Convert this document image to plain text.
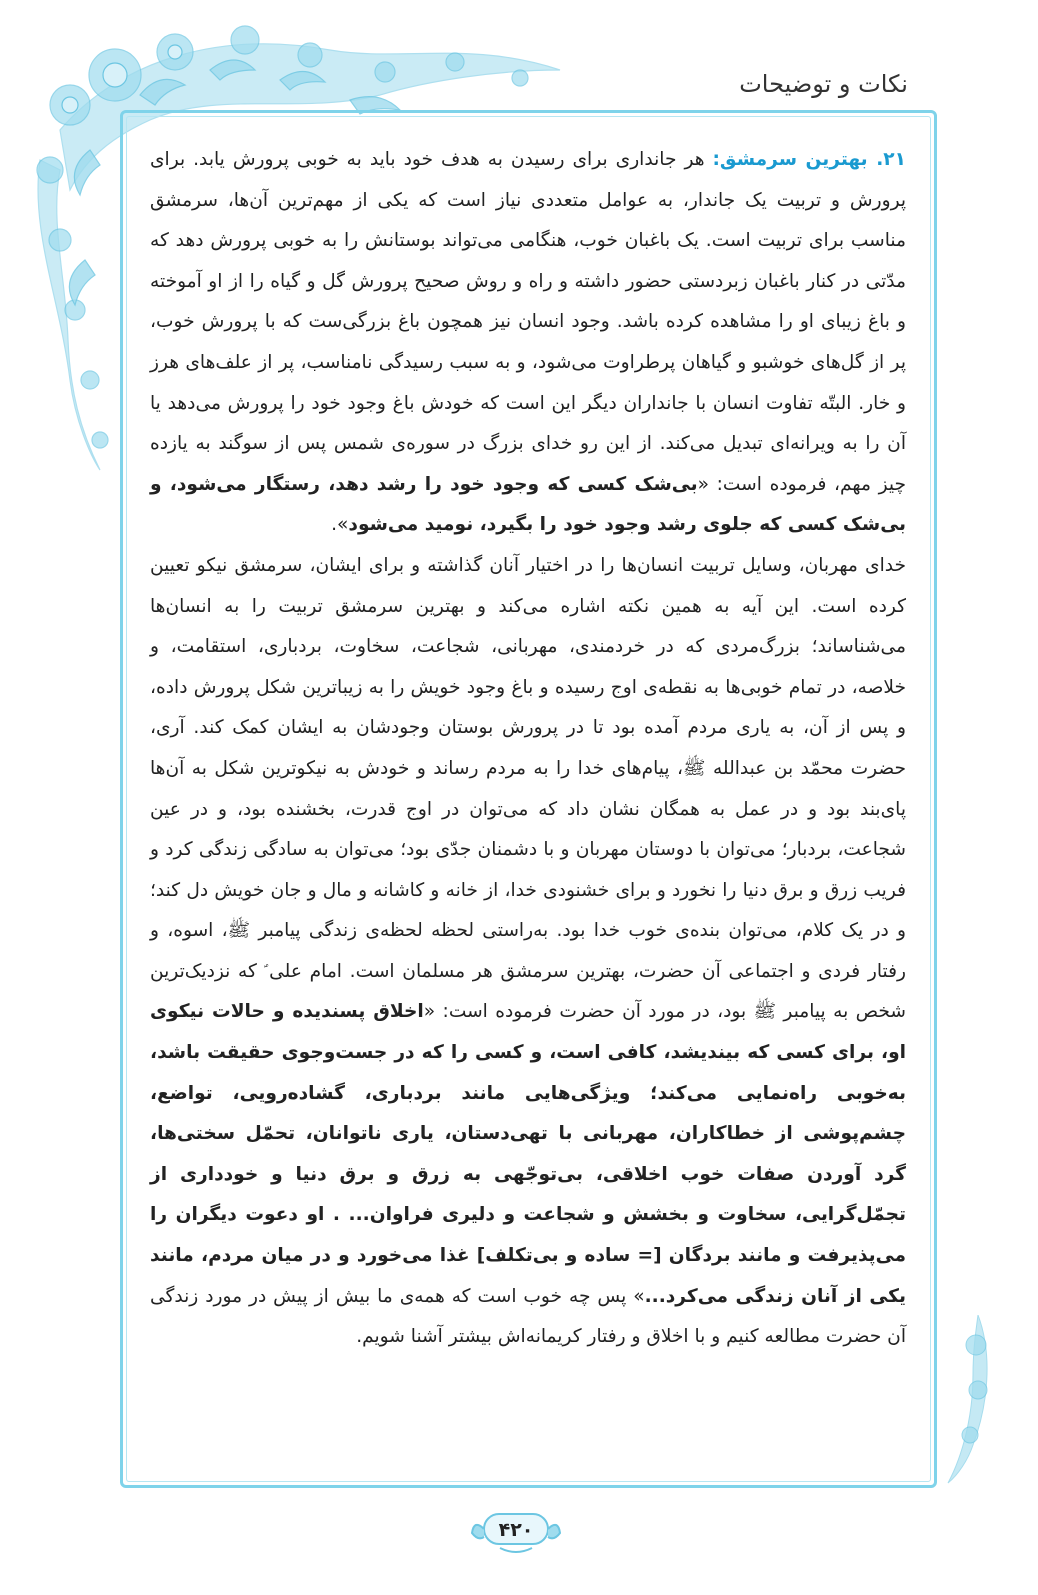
نکات و توضیحات

۲۱. بهترین سرمشق: هر جانداری برای رسیدن به هدف خود باید به خوبی پرورش یابد. برای پرورش و تربیت یک جاندار، به عوامل متعددی نیاز است که یکی از مهم‌ترین آن‌ها، سرمشق مناسب برای تربیت است. یک باغبان خوب، هنگامی می‌تواند بوستانش را به خوبی پرورش دهد که مدّتی در کنار باغبان زبردستی حضور داشته و راه و روش صحیح پرورش گل و گیاه را از او آموخته و باغ زیبای او را مشاهده کرده باشد. وجود انسان نیز همچون باغ بزرگی‌ست که با پرورش خوب، پر از گل‌های خوشبو و گیاهان پرطراوت می‌شود، و به سبب رسیدگی نامناسب، پر از علف‌های هرز و خار. البتّه تفاوت انسان با جانداران دیگر این است که خودش باغ وجود خود را پرورش می‌دهد یا آن را به ویرانه‌ای تبدیل می‌کند. از این رو خدای بزرگ در سوره‌ی شمس پس از سوگند به یازده چیز مهم، فرموده است: «بی‌شک کسی که وجود خود را رشد دهد، رستگار می‌شود، و بی‌شک کسی که جلوی رشد وجود خود را بگیرد، نومید می‌شود».

خدای مهربان، وسایل تربیت انسان‌ها را در اختیار آنان گذاشته و برای ایشان، سرمشق نیکو تعیین کرده است. این آیه به همین نکته اشاره می‌کند و بهترین سرمشق تربیت را به انسان‌ها می‌شناساند؛ بزرگ‌مردی که در خردمندی، مهربانی، شجاعت، سخاوت، بردباری، استقامت، و خلاصه، در تمام خوبی‌ها به نقطه‌ی اوج رسیده و باغ وجود خویش را به زیباترین شکل پرورش داده، و پس از آن، به یاری مردم آمده بود تا در پرورش بوستان وجودشان به ایشان کمک کند. آری، حضرت محمّد بن عبدالله ﷺ، پیام‌های خدا را به مردم رساند و خودش به نیکوترین شکل به آن‌ها پای‌بند بود و در عمل به همگان نشان داد که می‌توان در اوج قدرت، بخشنده بود، و در عین شجاعت، بردبار؛ می‌توان با دوستان مهربان و با دشمنان جدّی بود؛ می‌توان به سادگی زندگی کرد و فریب زرق و برق دنیا را نخورد و برای خشنودی خدا، از خانه و کاشانه و مال و جان خویش دل کند؛ و در یک کلام، می‌توان بنده‌ی خوب خدا بود. به‌راستی لحظه لحظه‌ی زندگی پیامبر ﷺ، اسوه، و رفتار فردی و اجتماعی آن حضرت، بهترین سرمشق هر مسلمان است. امام علی ؑ که نزدیک‌ترین شخص به پیامبر ﷺ بود، در مورد آن حضرت فرموده است: «اخلاق پسندیده و حالات نیکوی او، برای کسی که بیندیشد، کافی است، و کسی را که در جست‌وجوی حقیقت باشد، به‌خوبی راه‌نمایی می‌کند؛ ویژگی‌هایی مانند بردباری، گشاده‌رویی، تواضع، چشم‌پوشی از خطاکاران، مهربانی با تهی‌دستان، یاری ناتوانان، تحمّل سختی‌ها، گرد آوردن صفات خوب اخلاقی، بی‌توجّهی به زرق و برق دنیا و خودداری از تجمّل‌گرایی، سخاوت و بخشش و شجاعت و دلیری فراوان... . او دعوت دیگران را می‌پذیرفت و مانند بردگان [= ساده و بی‌تکلف] غذا می‌خورد و در میان مردم، مانند یکی از آنان زندگی می‌کرد...» پس چه خوب است که همه‌ی ما بیش از پیش در مورد زندگی آن حضرت مطالعه کنیم و با اخلاق و رفتار کریمانه‌اش بیشتر آشنا شویم.

۴۲۰
